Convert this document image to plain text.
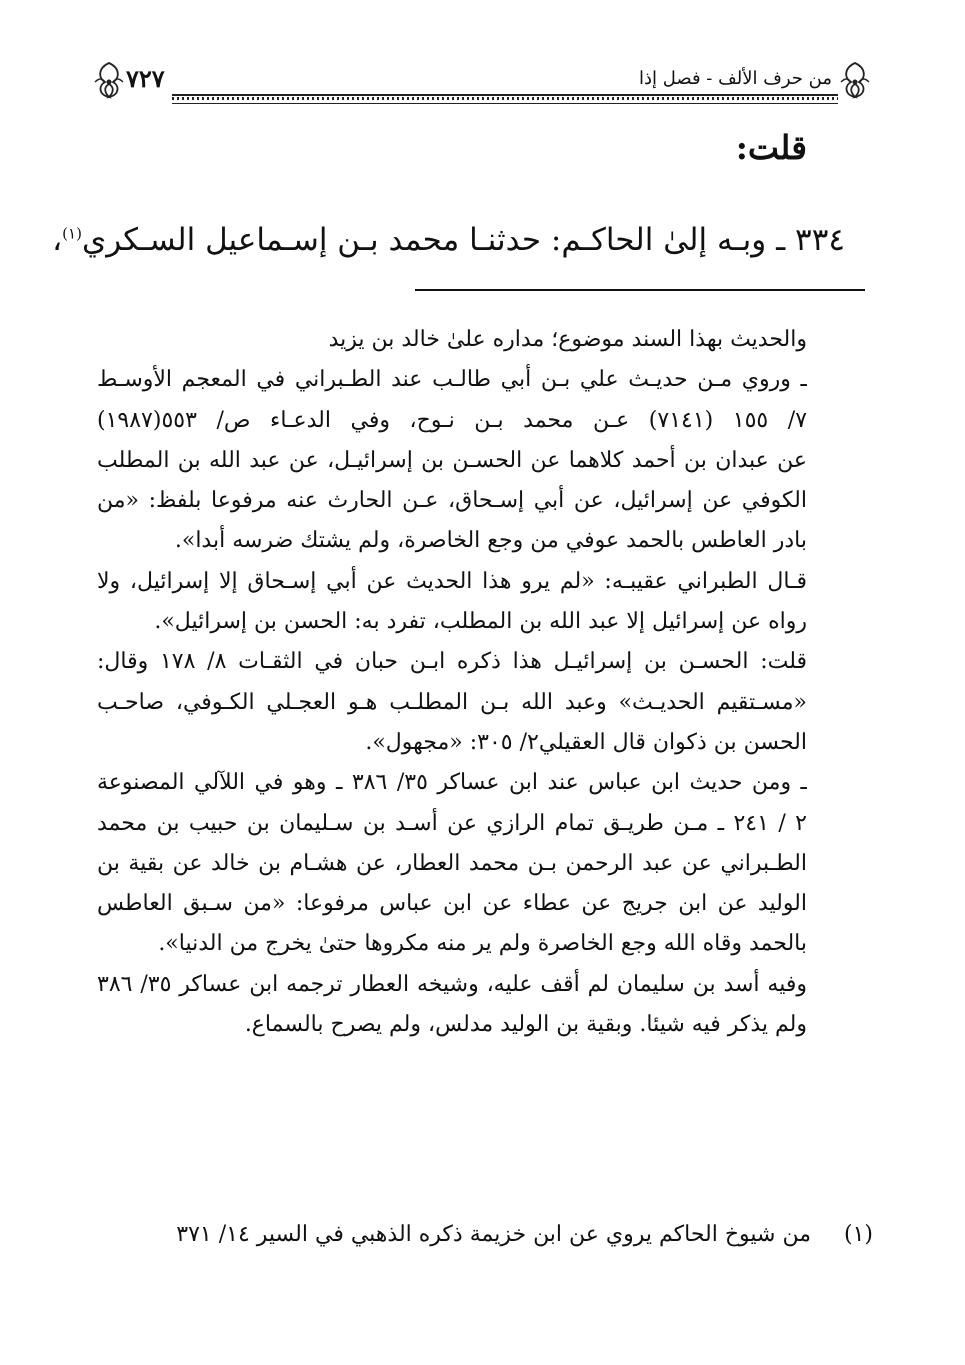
٧٢٧	من حرف الألف - فصل إذا
قلت:
٣٣٤ ـ وبـه إلىٰ الحاكـم: حدثنـا محمد بـن إسـماعيل السـكري$^{(١)}$،
والحديث بهذا السند موضوع؛ مداره علىٰ خالد بن يزيد
ـ وروي مـن حديـث علي بـن أبي طالـب عند الطـبراني في المعجم الأوسـط
٧/ ١٥٥ (٧١٤١) عـن محمد بـن نـوح، وفي الدعـاء ص/ ٥٥٣(١٩٨٧)
عن عبدان بن أحمد كلاهما عن الحسـن بن إسرائيـل، عن عبد الله بن المطلب
الكوفي عن إسرائيل، عن أبي إسـحاق، عـن الحارث عنه مرفوعا بلفظ: «من
بادر العاطس بالحمد عوفي من وجع الخاصرة، ولم يشتك ضرسه أبدا».
قـال الطبراني عقيبـه: «لم يرو هذا الحديث عن أبي إسـحاق إلا إسرائيل، ولا
رواه عن إسرائيل إلا عبد الله بن المطلب، تفرد به: الحسن بن إسرائيل».
قلت: الحسـن بن إسرائيـل هذا ذكره ابـن حبان في الثقـات ٨/ ١٧٨ وقال:
«مسـتقيم الحديـث» وعبد الله بـن المطلـب هـو العجـلي الكـوفي، صاحـب
الحسن بن ذكوان قال العقيلي٢/ ٣٠٥: «مجهول».
ـ ومن حديث ابن عباس عند ابن عساكر ٣٥/ ٣٨٦ ـ وهو في اللآلي المصنوعة
٢ / ٢٤١ ـ مـن طريـق تمام الرازي عن أسـد بن سـليمان بن حبيب بن محمد
الطـبراني عن عبد الرحمن بـن محمد العطار، عن هشـام بن خالد عن بقية بن
الوليد عن ابن جريج عن عطاء عن ابن عباس مرفوعا: «من سـبق العاطس
بالحمد وقاه الله وجع الخاصرة ولم ير منه مكروها حتىٰ يخرج من الدنيا».
وفيه أسد بن سليمان لم أقف عليه، وشيخه العطار ترجمه ابن عساكر ٣٥/ ٣٨٦
ولم يذكر فيه شيئا. وبقية بن الوليد مدلس، ولم يصرح بالسماع.
(١)من شيوخ الحاكم يروي عن ابن خزيمة ذكره الذهبي في السير ١٤/ ٣٧١
